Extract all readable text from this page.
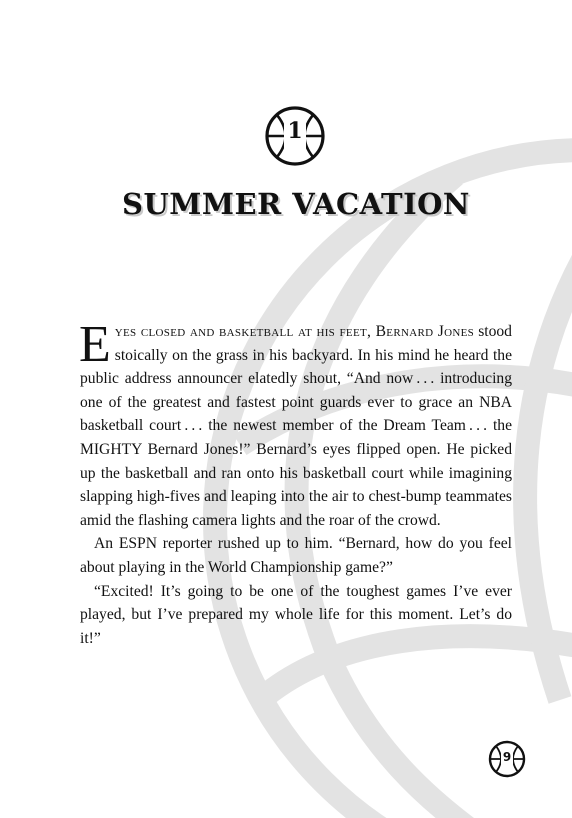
1
SUMMER VACATION

Eyes closed and basketball at his feet, Bernard Jones stood stoically on the grass in his backyard. In his mind he heard the public address announcer elatedly shout, “And now . . . introducing one of the greatest and fastest point guards ever to grace an NBA basketball court . . . the newest member of the Dream Team . . . the MIGHTY Bernard Jones!” Bernard’s eyes flipped open. He picked up the basketball and ran onto his basketball court while imagining slapping high-fives and leaping into the air to chest-bump teammates amid the flashing camera lights and the roar of the crowd.

An ESPN reporter rushed up to him. “Bernard, how do you feel about playing in the World Championship game?”

“Excited! It’s going to be one of the toughest games I’ve ever played, but I’ve prepared my whole life for this moment. Let’s do it!”

9
